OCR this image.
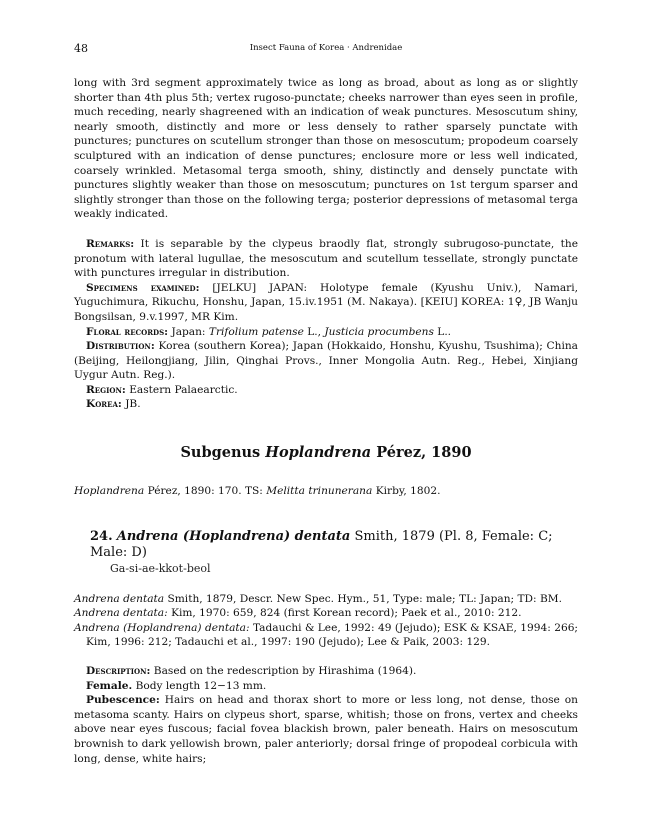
48	Insect Fauna of Korea · Andrenidae

long with 3rd segment approximately twice as long as broad, about as long as or slightly shorter than 4th plus 5th; vertex rugoso-punctate; cheeks narrower than eyes seen in profile, much receding, nearly shagreened with an indication of weak punctures. Mesoscutum shiny, nearly smooth, distinctly and more or less densely to rather sparsely punctate with punctures; punctures on scutellum stronger than those on mesoscutum; propodeum coarsely sculptured with an indication of dense punctures; enclosure more or less well indicated, coarsely wrinkled. Metasomal terga smooth, shiny, distinctly and densely punctate with punctures slightly weaker than those on mesoscutum; punctures on 1st tergum sparser and slightly stronger than those on the following terga; posterior depressions of metasomal terga weakly indicated.

Remarks: It is separable by the clypeus braodly flat, strongly subrugoso-punctate, the pronotum with lateral lugullae, the mesoscutum and scutellum tessellate, strongly punctate with punctures irregular in distribution.

Specimens examined: [JELKU] JAPAN: Holotype female (Kyushu Univ.), Namari, Yuguchimura, Rikuchu, Honshu, Japan, 15.iv.1951 (M. Nakaya). [KEIU] KOREA: 1♀, JB Wanju Bongsilsan, 9.v.1997, MR Kim.

Floral records: Japan: Trifolium patense L., Justicia procumbens L..

Distribution: Korea (southern Korea); Japan (Hokkaido, Honshu, Kyushu, Tsushima); China (Beijing, Heilongjiang, Jilin, Qinghai Provs., Inner Mongolia Autn. Reg., Hebei, Xinjiang Uygur Autn. Reg.).

Region: Eastern Palaearctic.

Korea: JB.

Subgenus Hoplandrena Pérez, 1890

Hoplandrena Pérez, 1890: 170. TS: Melitta trinunerana Kirby, 1802.

24. Andrena (Hoplandrena) dentata Smith, 1879 (Pl. 8, Female: C; Male: D)
Ga-si-ae-kkot-beol

Andrena dentata Smith, 1879, Descr. New Spec. Hym., 51, Type: male; TL: Japan; TD: BM.

Andrena dentata: Kim, 1970: 659, 824 (first Korean record); Paek et al., 2010: 212.

Andrena (Hoplandrena) dentata: Tadauchi & Lee, 1992: 49 (Jejudo); ESK & KSAE, 1994: 266; Kim, 1996: 212; Tadauchi et al., 1997: 190 (Jejudo); Lee & Paik, 2003: 129.

Description: Based on the redescription by Hirashima (1964).

Female. Body length 12−13 mm.

Pubescence: Hairs on head and thorax short to more or less long, not dense, those on metasoma scanty. Hairs on clypeus short, sparse, whitish; those on frons, vertex and cheeks above near eyes fuscous; facial fovea blackish brown, paler beneath. Hairs on mesoscutum brownish to dark yellowish brown, paler anteriorly; dorsal fringe of propodeal corbicula with long, dense, white hairs;
